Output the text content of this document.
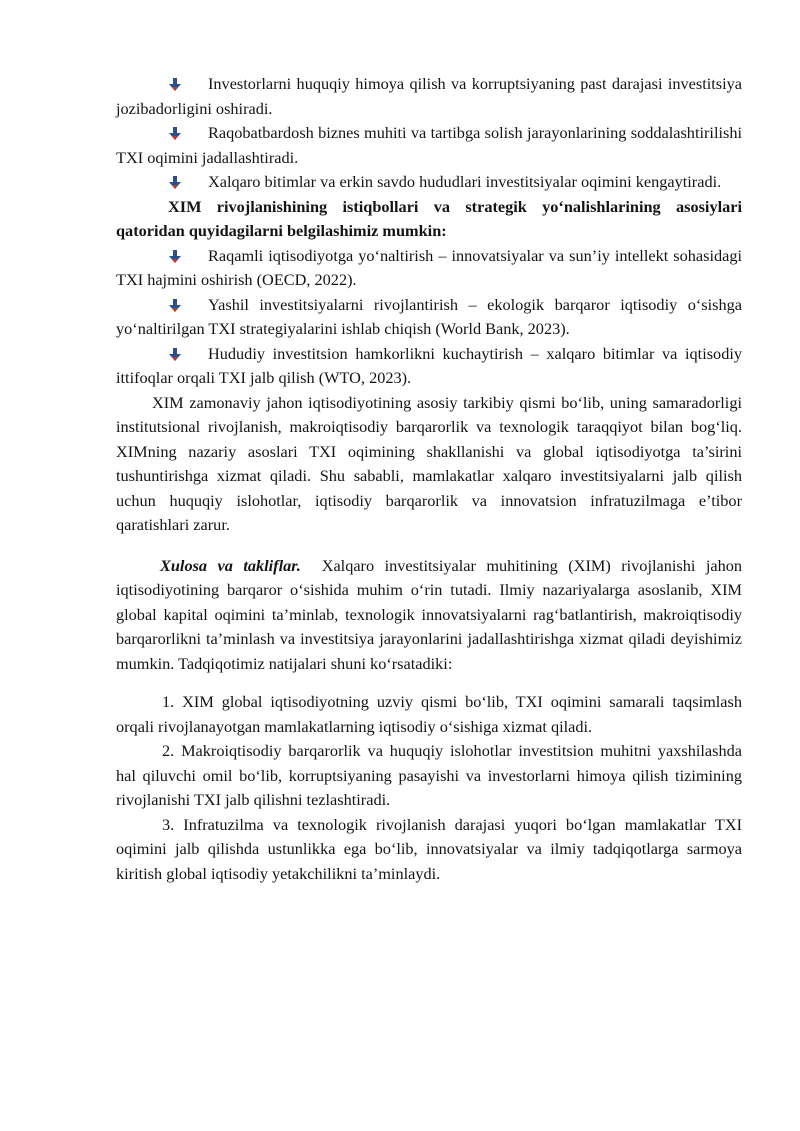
Investorlarni huquqiy himoya qilish va korruptsiyaning past darajasi investitsiya jozibadorligini oshiradi.

Raqobatbardosh biznes muhiti va tartibga solish jarayonlarining soddalashtirilishi TXI oqimini jadallashtiradi.

Xalqaro bitimlar va erkin savdo hududlari investitsiyalar oqimini kengaytiradi.

XIM rivojlanishining istiqbollari va strategik yo‘nalishlarining asosiylari qatoridan quyidagilarni belgilashimiz mumkin:

Raqamli iqtisodiyotga yo‘naltirish – innovatsiyalar va sun’iy intellekt sohasidagi TXI hajmini oshirish (OECD, 2022).

Yashil investitsiyalarni rivojlantirish – ekologik barqaror iqtisodiy o‘sishga yo‘naltirilgan TXI strategiyalarini ishlab chiqish (World Bank, 2023).

Hududiy investitsion hamkorlikni kuchaytirish – xalqaro bitimlar va iqtisodiy ittifoqlar orqali TXI jalb qilish (WTO, 2023).

XIM zamonaviy jahon iqtisodiyotining asosiy tarkibiy qismi bo‘lib, uning samaradorligi institutsional rivojlanish, makroiqtisodiy barqarorlik va texnologik taraqqiyot bilan bog‘liq. XIMning nazariy asoslari TXI oqimining shakllanishi va global iqtisodiyotga ta’sirini tushuntirishga xizmat qiladi. Shu sababli, mamlakatlar xalqaro investitsiyalarni jalb qilish uchun huquqiy islohotlar, iqtisodiy barqarorlik va innovatsion infratuzilmaga e’tibor qaratishlari zarur.

Xulosa va takliflar. Xalqaro investitsiyalar muhitining (XIM) rivojlanishi jahon iqtisodiyotining barqaror o‘sishida muhim o‘rin tutadi. Ilmiy nazariyalarga asoslanib, XIM global kapital oqimini ta’minlab, texnologik innovatsiyalarni rag‘batlantirish, makroiqtisodiy barqarorlikni ta’minlash va investitsiya jarayonlarini jadallashtirishga xizmat qiladi deyishimiz mumkin. Tadqiqotimiz natijalari shuni ko‘rsatadiki:

1. XIM global iqtisodiyotning uzviy qismi bo‘lib, TXI oqimini samarali taqsimlash orqali rivojlanayotgan mamlakatlarning iqtisodiy o‘sishiga xizmat qiladi.

2. Makroiqtisodiy barqarorlik va huquqiy islohotlar investitsion muhitni yaxshilashda hal qiluvchi omil bo‘lib, korruptsiyaning pasayishi va investorlarni himoya qilish tizimining rivojlanishi TXI jalb qilishni tezlashtiradi.

3. Infratuzilma va texnologik rivojlanish darajasi yuqori bo‘lgan mamlakatlar TXI oqimini jalb qilishda ustunlikka ega bo‘lib, innovatsiyalar va ilmiy tadqiqotlarga sarmoya kiritish global iqtisodiy yetakchilikni ta’minlaydi.
